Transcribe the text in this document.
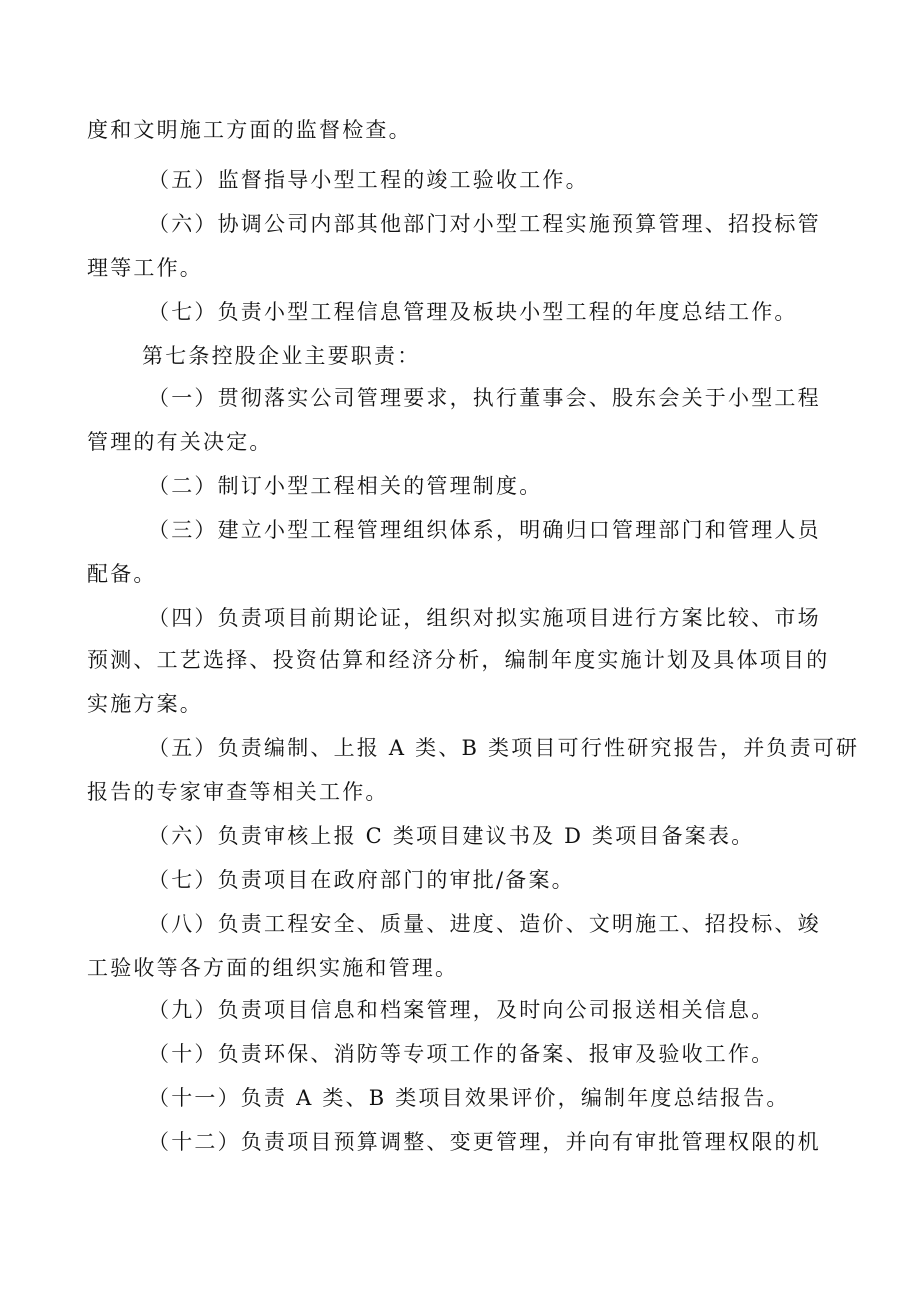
度和文明施工方面的监督检查。
（五）监督指导小型工程的竣工验收工作。
（六）协调公司内部其他部门对小型工程实施预算管理、招投标管
理等工作。
（七）负责小型工程信息管理及板块小型工程的年度总结工作。
第七条控股企业主要职责：
（一）贯彻落实公司管理要求，执行董事会、股东会关于小型工程
管理的有关决定。
（二）制订小型工程相关的管理制度。
（三）建立小型工程管理组织体系，明确归口管理部门和管理人员
配备。
（四）负责项目前期论证，组织对拟实施项目进行方案比较、市场
预测、工艺选择、投资估算和经济分析，编制年度实施计划及具体项目的
实施方案。
（五）负责编制、上报 A 类、B 类项目可行性研究报告，并负责可研
报告的专家审查等相关工作。
（六）负责审核上报 C 类项目建议书及 D 类项目备案表。
（七）负责项目在政府部门的审批/备案。
（八）负责工程安全、质量、进度、造价、文明施工、招投标、竣
工验收等各方面的组织实施和管理。
（九）负责项目信息和档案管理，及时向公司报送相关信息。
（十）负责环保、消防等专项工作的备案、报审及验收工作。
（十一）负责 A 类、B 类项目效果评价，编制年度总结报告。
（十二）负责项目预算调整、变更管理，并向有审批管理权限的机
